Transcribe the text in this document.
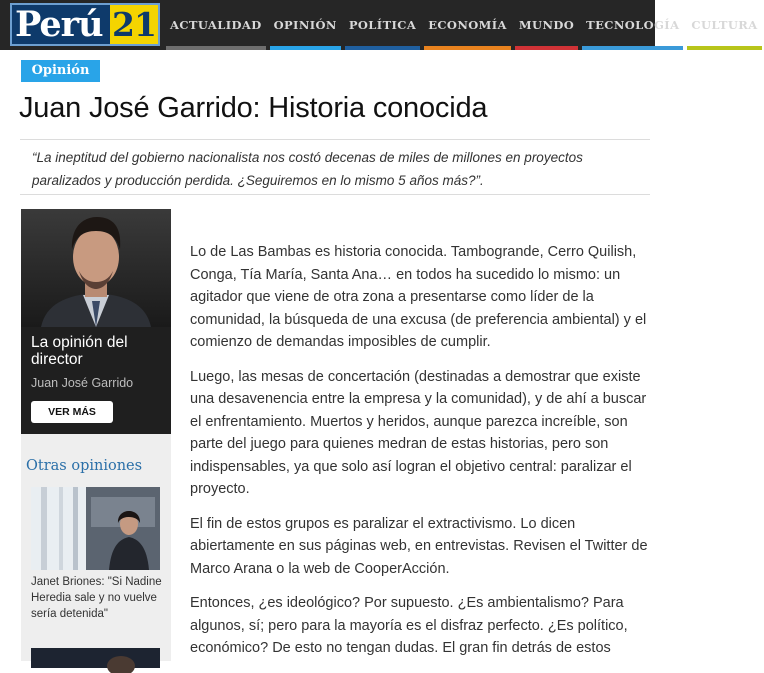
Perú 21 ACTUALIDAD OPINIÓN POLÍTICA ECONOMÍA MUNDO TECNOLOGÍA CULTURA
Opinión
Juan José Garrido: Historia conocida

“La ineptitud del gobierno nacionalista nos costó decenas de miles de millones en proyectos paralizados y producción perdida. ¿Seguiremos en lo mismo 5 años más?”.

La opinión del director
Juan José Garrido
VER MÁS
Otras opiniones
Janet Briones: "Si Nadine Heredia sale y no vuelve sería detenida"

Lo de Las Bambas es historia conocida. Tambogrande, Cerro Quilish, Conga, Tía María, Santa Ana… en todos ha sucedido lo mismo: un agitador que viene de otra zona a presentarse como líder de la comunidad, la búsqueda de una excusa (de preferencia ambiental) y el comienzo de demandas imposibles de cumplir.

Luego, las mesas de concertación (destinadas a demostrar que existe una desavenencia entre la empresa y la comunidad), y de ahí a buscar el enfrentamiento. Muertos y heridos, aunque parezca increíble, son parte del juego para quienes medran de estas historias, pero son indispensables, ya que solo así logran el objetivo central: paralizar el proyecto.

El fin de estos grupos es paralizar el extractivismo. Lo dicen abiertamente en sus páginas web, en entrevistas. Revisen el Twitter de Marco Arana o la web de CooperAcción.

Entonces, ¿es ideológico? Por supuesto. ¿Es ambientalismo? Para algunos, sí; pero para la mayoría es el disfraz perfecto. ¿Es político, económico? De esto no tengan dudas. El gran fin detrás de estos
